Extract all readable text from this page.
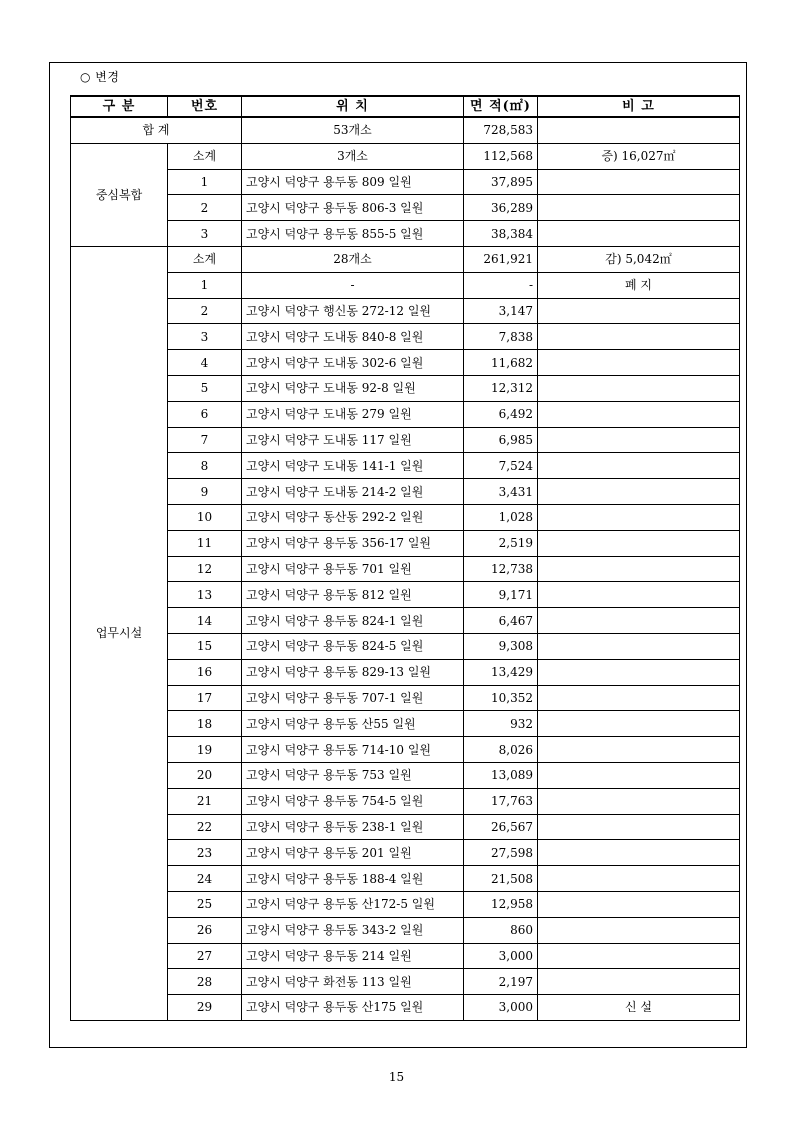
○ 변경
구 분	번호	위 치	면 적(㎡)	비 고
합 계		53개소	728,583	
중심복합	소계	3개소	112,568	증) 16,027㎡
	1	고양시 덕양구 용두동 809 일원	37,895	
	2	고양시 덕양구 용두동 806-3 일원	36,289	
	3	고양시 덕양구 용두동 855-5 일원	38,384	
업무시설	소계	28개소	261,921	감) 5,042㎡
	1	-	-	폐 지
	2	고양시 덕양구 행신동 272-12 일원	3,147	
	3	고양시 덕양구 도내동 840-8 일원	7,838	
	4	고양시 덕양구 도내동 302-6 일원	11,682	
	5	고양시 덕양구 도내동 92-8 일원	12,312	
	6	고양시 덕양구 도내동 279 일원	6,492	
	7	고양시 덕양구 도내동 117 일원	6,985	
	8	고양시 덕양구 도내동 141-1 일원	7,524	
	9	고양시 덕양구 도내동 214-2 일원	3,431	
	10	고양시 덕양구 동산동 292-2 일원	1,028	
	11	고양시 덕양구 용두동 356-17 일원	2,519	
	12	고양시 덕양구 용두동 701 일원	12,738	
	13	고양시 덕양구 용두동 812 일원	9,171	
	14	고양시 덕양구 용두동 824-1 일원	6,467	
	15	고양시 덕양구 용두동 824-5 일원	9,308	
	16	고양시 덕양구 용두동 829-13 일원	13,429	
	17	고양시 덕양구 용두동 707-1 일원	10,352	
	18	고양시 덕양구 용두동 산55 일원	932	
	19	고양시 덕양구 용두동 714-10 일원	8,026	
	20	고양시 덕양구 용두동 753 일원	13,089	
	21	고양시 덕양구 용두동 754-5 일원	17,763	
	22	고양시 덕양구 용두동 238-1 일원	26,567	
	23	고양시 덕양구 용두동 201 일원	27,598	
	24	고양시 덕양구 용두동 188-4 일원	21,508	
	25	고양시 덕양구 용두동 산172-5 일원	12,958	
	26	고양시 덕양구 용두동 343-2 일원	860	
	27	고양시 덕양구 용두동 214 일원	3,000	
	28	고양시 덕양구 화전동 113 일원	2,197	
	29	고양시 덕양구 용두동 산175 일원	3,000	신 설
15
